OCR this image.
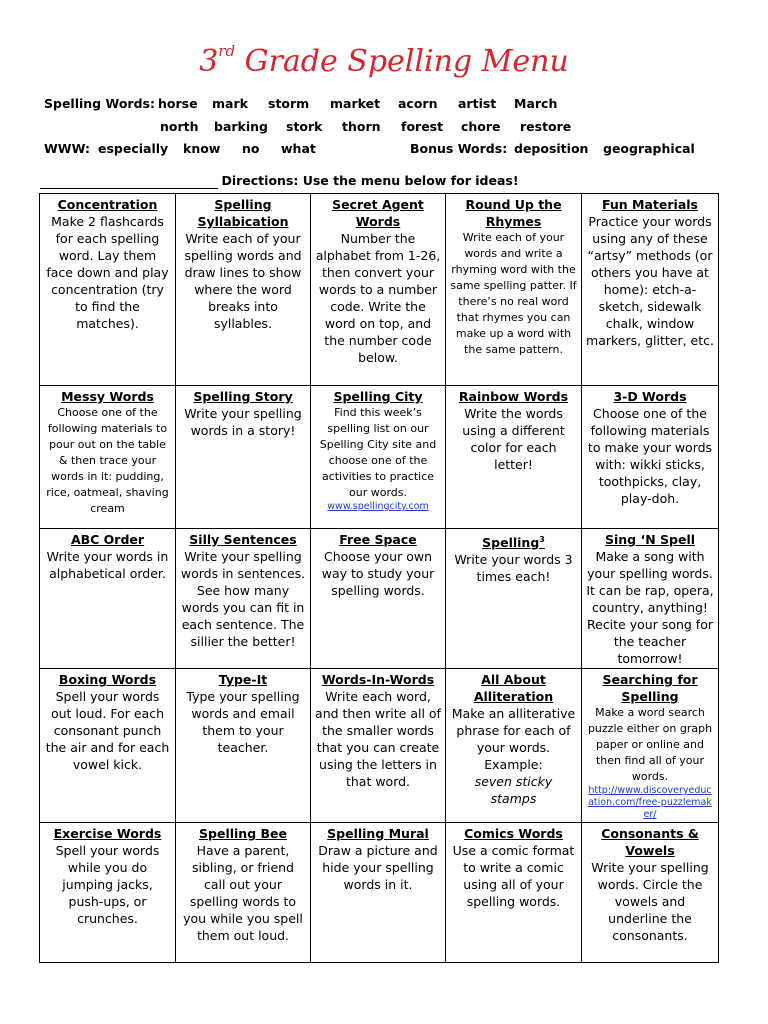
3rd Grade Spelling Menu
Spelling Words: horse mark storm market acorn artist March
north barking stork thorn forest chore restore
WWW: especially know no what	Bonus Words: deposition geographical
Directions: Use the menu below for ideas!
Concentration
Make 2 flashcards for each spelling word. Lay them face down and play concentration (try to find the matches).	Spelling Syllabication
Write each of your spelling words and draw lines to show where the word breaks into syllables.	Secret Agent Words
Number the alphabet from 1-26, then convert your words to a number code. Write the word on top, and the number code below.	Round Up the Rhymes
Write each of your words and write a rhyming word with the same spelling patter. If there’s no real word that rhymes you can make up a word with the same pattern.	Fun Materials
Practice your words using any of these “artsy” methods (or others you have at home): etch-a-sketch, sidewalk chalk, window markers, glitter, etc.

Messy Words
Choose one of the following materials to pour out on the table & then trace your words in it: pudding, rice, oatmeal, shaving cream	Spelling Story
Write your spelling words in a story!	Spelling City
Find this week’s spelling list on our Spelling City site and choose one of the activities to practice our words.
www.spellingcity.com	Rainbow Words
Write the words using a different color for each letter!	3-D Words
Choose one of the following materials to make your words with: wikki sticks, toothpicks, clay, play-doh.

ABC Order
Write your words in alphabetical order.	Silly Sentences
Write your spelling words in sentences. See how many words you can fit in each sentence. The sillier the better!	Free Space
Choose your own way to study your spelling words.	Spelling$^3$
Write your words 3 times each!	Sing ‘N Spell
Make a song with your spelling words. It can be rap, opera, country, anything! Recite your song for the teacher tomorrow!

Boxing Words
Spell your words out loud. For each consonant punch the air and for each vowel kick.	Type-It
Type your spelling words and email them to your teacher.	Words-In-Words
Write each word, and then write all of the smaller words that you can create using the letters in that word.	All About Alliteration
Make an alliterative phrase for each of your words. Example:
seven sticky stamps	Searching for Spelling
Make a word search puzzle either on graph paper or online and then find all of your words.
http://www.discoveryeducation.com/free-puzzlemaker/

Exercise Words
Spell your words while you do jumping jacks, push-ups, or crunches.	Spelling Bee
Have a parent, sibling, or friend call out your spelling words to you while you spell them out loud.	Spelling Mural
Draw a picture and hide your spelling words in it.	Comics Words
Use a comic format to write a comic using all of your spelling words.	Consonants & Vowels
Write your spelling words. Circle the vowels and underline the consonants.
